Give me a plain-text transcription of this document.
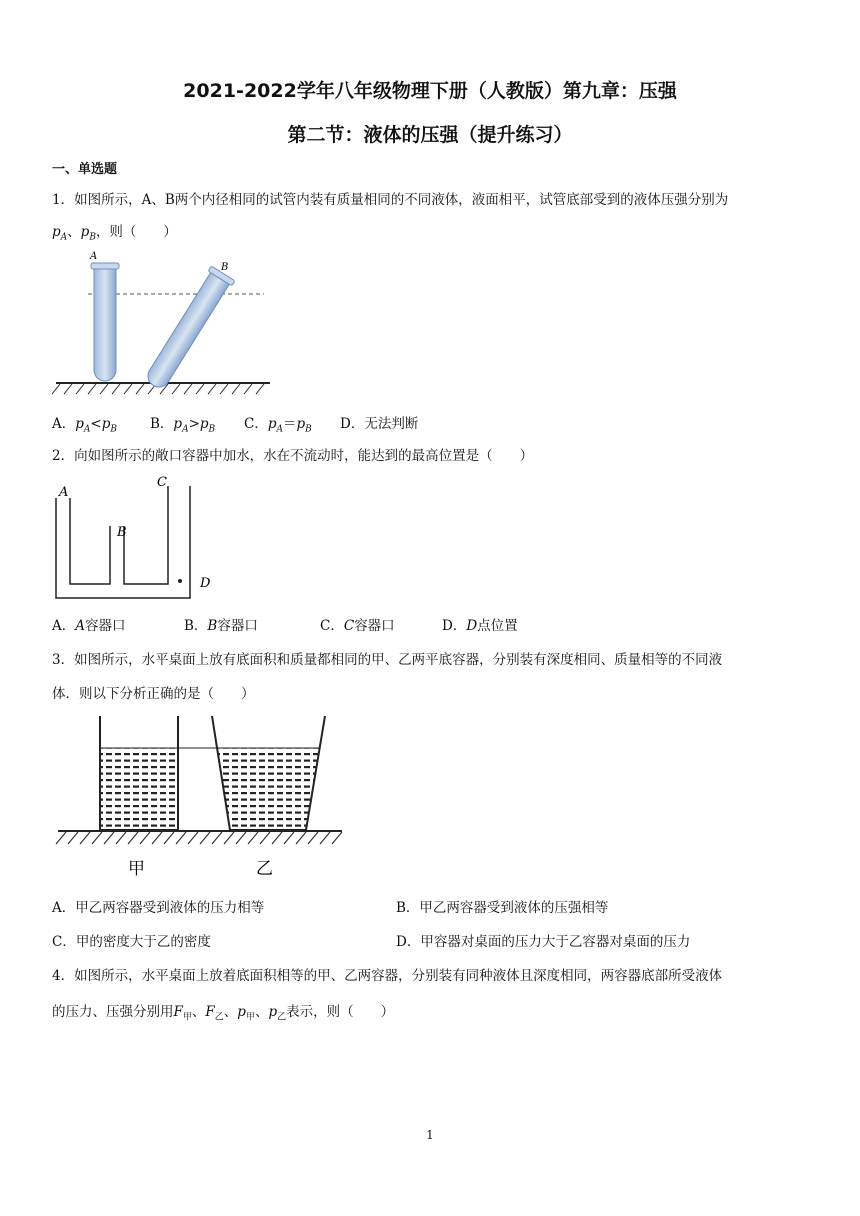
2021-2022学年八年级物理下册（人教版）第九章：压强
第二节：液体的压强（提升练习）
一、单选题
1．如图所示，A、B两个内径相同的试管内装有质量相同的不同液体，液面相平，试管底部受到的液体压强分别为
$p_A$、$p_B$，则（　　）
A
B
A．$p_A<p_B$ B．$p_A>p_B$ C．$p_A=p_B$ D．无法判断
2．向如图所示的敞口容器中加水，水在不流动时，能达到的最高位置是（　　）
A
B
C
D
A．A容器口	B．B容器口	C．C容器口	D．D点位置
3．如图所示，水平桌面上放有底面积和质量都相同的甲、乙两平底容器，分别装有深度相同、质量相等的不同液
体．则以下分析正确的是（　　）
甲	乙
A．甲乙两容器受到液体的压力相等	B．甲乙两容器受到液体的压强相等
C．甲的密度大于乙的密度	D．甲容器对桌面的压力大于乙容器对桌面的压力
4．如图所示，水平桌面上放着底面积相等的甲、乙两容器，分别装有同种液体且深度相同，两容器底部所受液体
的压力、压强分别用$F_甲$、$F_乙$、$p_甲$、$p_乙$表示，则（　　）
1
